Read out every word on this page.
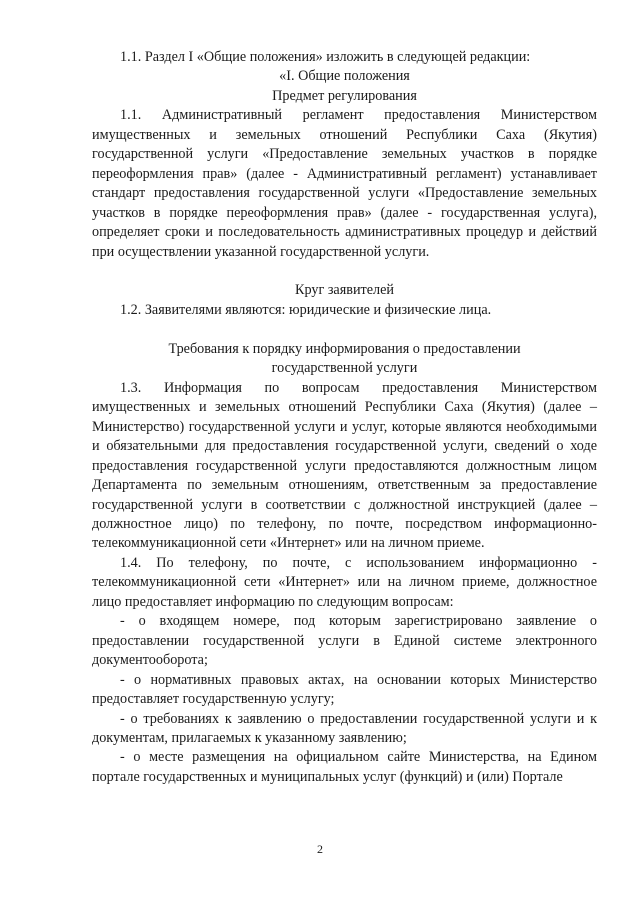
1.1. Раздел I «Общие положения» изложить в следующей редакции:

«I. Общие положения

Предмет регулирования

1.1. Административный регламент предоставления Министерством имущественных и земельных отношений Республики Саха (Якутия) государственной услуги «Предоставление земельных участков в порядке переоформления прав» (далее - Административный регламент) устанавливает стандарт предоставления государственной услуги «Предоставление земельных участков в порядке переоформления прав» (далее - государственная услуга), определяет сроки и последовательность административных процедур и действий при осуществлении указанной государственной услуги.

Круг заявителей

1.2. Заявителями являются: юридические и физические лица.

Требования к порядку информирования о предоставлении

государственной услуги

1.3. Информация по вопросам предоставления Министерством имущественных и земельных отношений Республики Саха (Якутия) (далее – Министерство) государственной услуги и услуг, которые являются необходимыми и обязательными для предоставления государственной услуги, сведений о ходе предоставления государственной услуги предоставляются должностным лицом Департамента по земельным отношениям, ответственным за предоставление государственной услуги в соответствии с должностной инструкцией (далее – должностное лицо) по телефону, по почте, посредством информационно-телекоммуникационной сети «Интернет» или на личном приеме.

1.4. По телефону, по почте, с использованием информационно - телекоммуникационной сети «Интернет» или на личном приеме, должностное лицо предоставляет информацию по следующим вопросам:

- о входящем номере, под которым зарегистрировано заявление о предоставлении государственной услуги в Единой системе электронного документооборота;

- о нормативных правовых актах, на основании которых Министерство предоставляет государственную услугу;

- о требованиях к заявлению о предоставлении государственной услуги и к документам, прилагаемых к указанному заявлению;

- о месте размещения на официальном сайте Министерства, на Едином портале государственных и муниципальных услуг (функций) и (или) Портале

2
